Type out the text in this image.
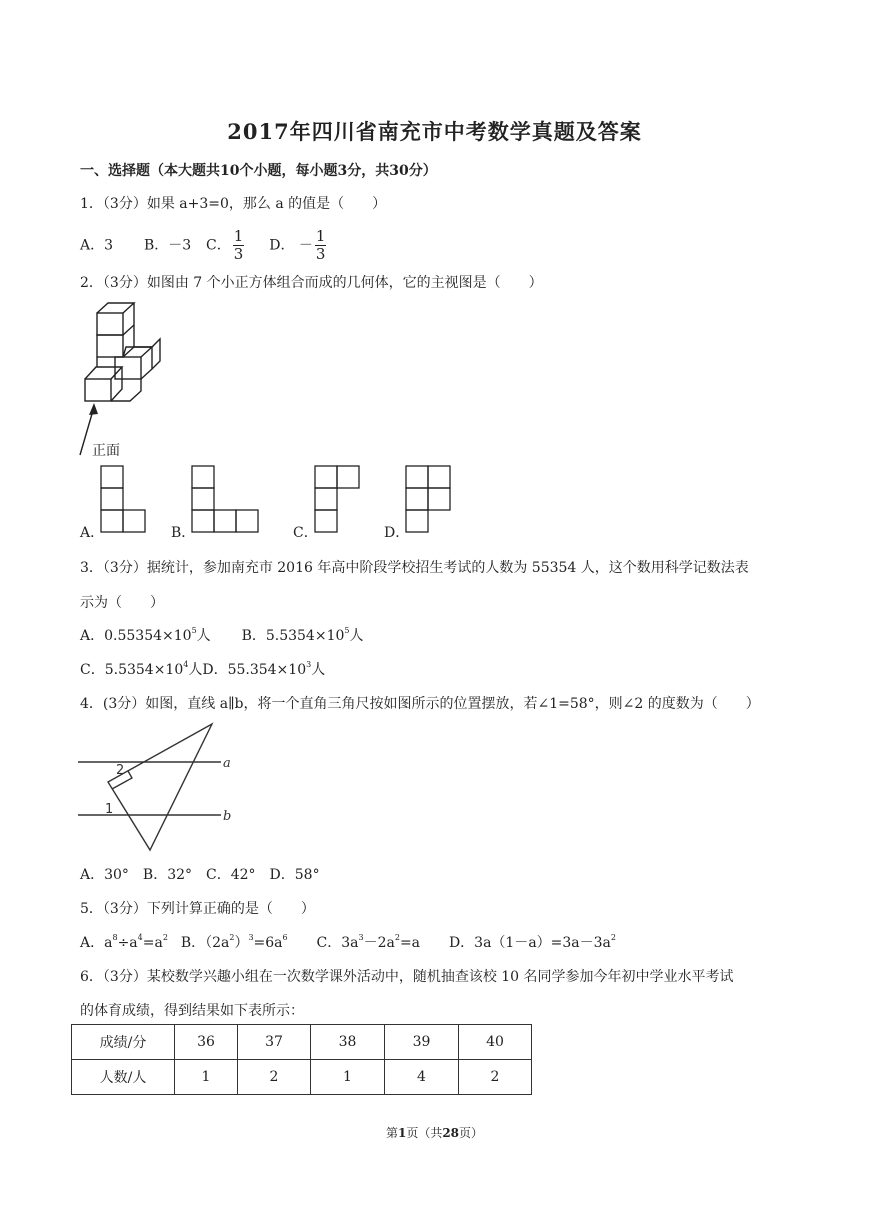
2017年四川省南充市中考数学真题及答案
一、选择题（本大题共10个小题，每小题3分，共30分）
1．（3分）如果 a+3=0，那么 a 的值是（　　）
A．3 B．－3 C． $\frac{1}{3}$ D． － $\frac{1}{3}$
2．（3分）如图由 7 个小正方体组合而成的几何体，它的主视图是（　　）
正面
A．	B．	C．	D．
3．（3分）据统计，参加南充市 2016 年高中阶段学校招生考试的人数为 55354 人，这个数用科学记数法表
示为（　　）
A．$0.55354\times 10^5$人 B．$5.5354\times 10^5$人
C．$5.5354\times 10^4$人D．$55.354\times 10^3$人
4．(3分）如图，直线 a∥b，将一个直角三角尺按如图所示的位置摆放，若∠1=58°，则∠2 的度数为（　　）
a
b
2
1
A．30°　B．32°　C．42°　D．58°
5．（3分）下列计算正确的是（　　）
A．$a^8\div a^4=a^2$ B．$(2a^2)^3=6a^6$ C．$3a^3-2a^2=a$ D．$3a(1-a)=3a-3a^2$
6．（3分）某校数学兴趣小组在一次数学课外活动中，随机抽查该校 10 名同学参加今年初中学业水平考试
的体育成绩，得到结果如下表所示：
成绩/分	36	37	38	39	40
人数/人	1	2	1	4	2
第1页（共28页）
